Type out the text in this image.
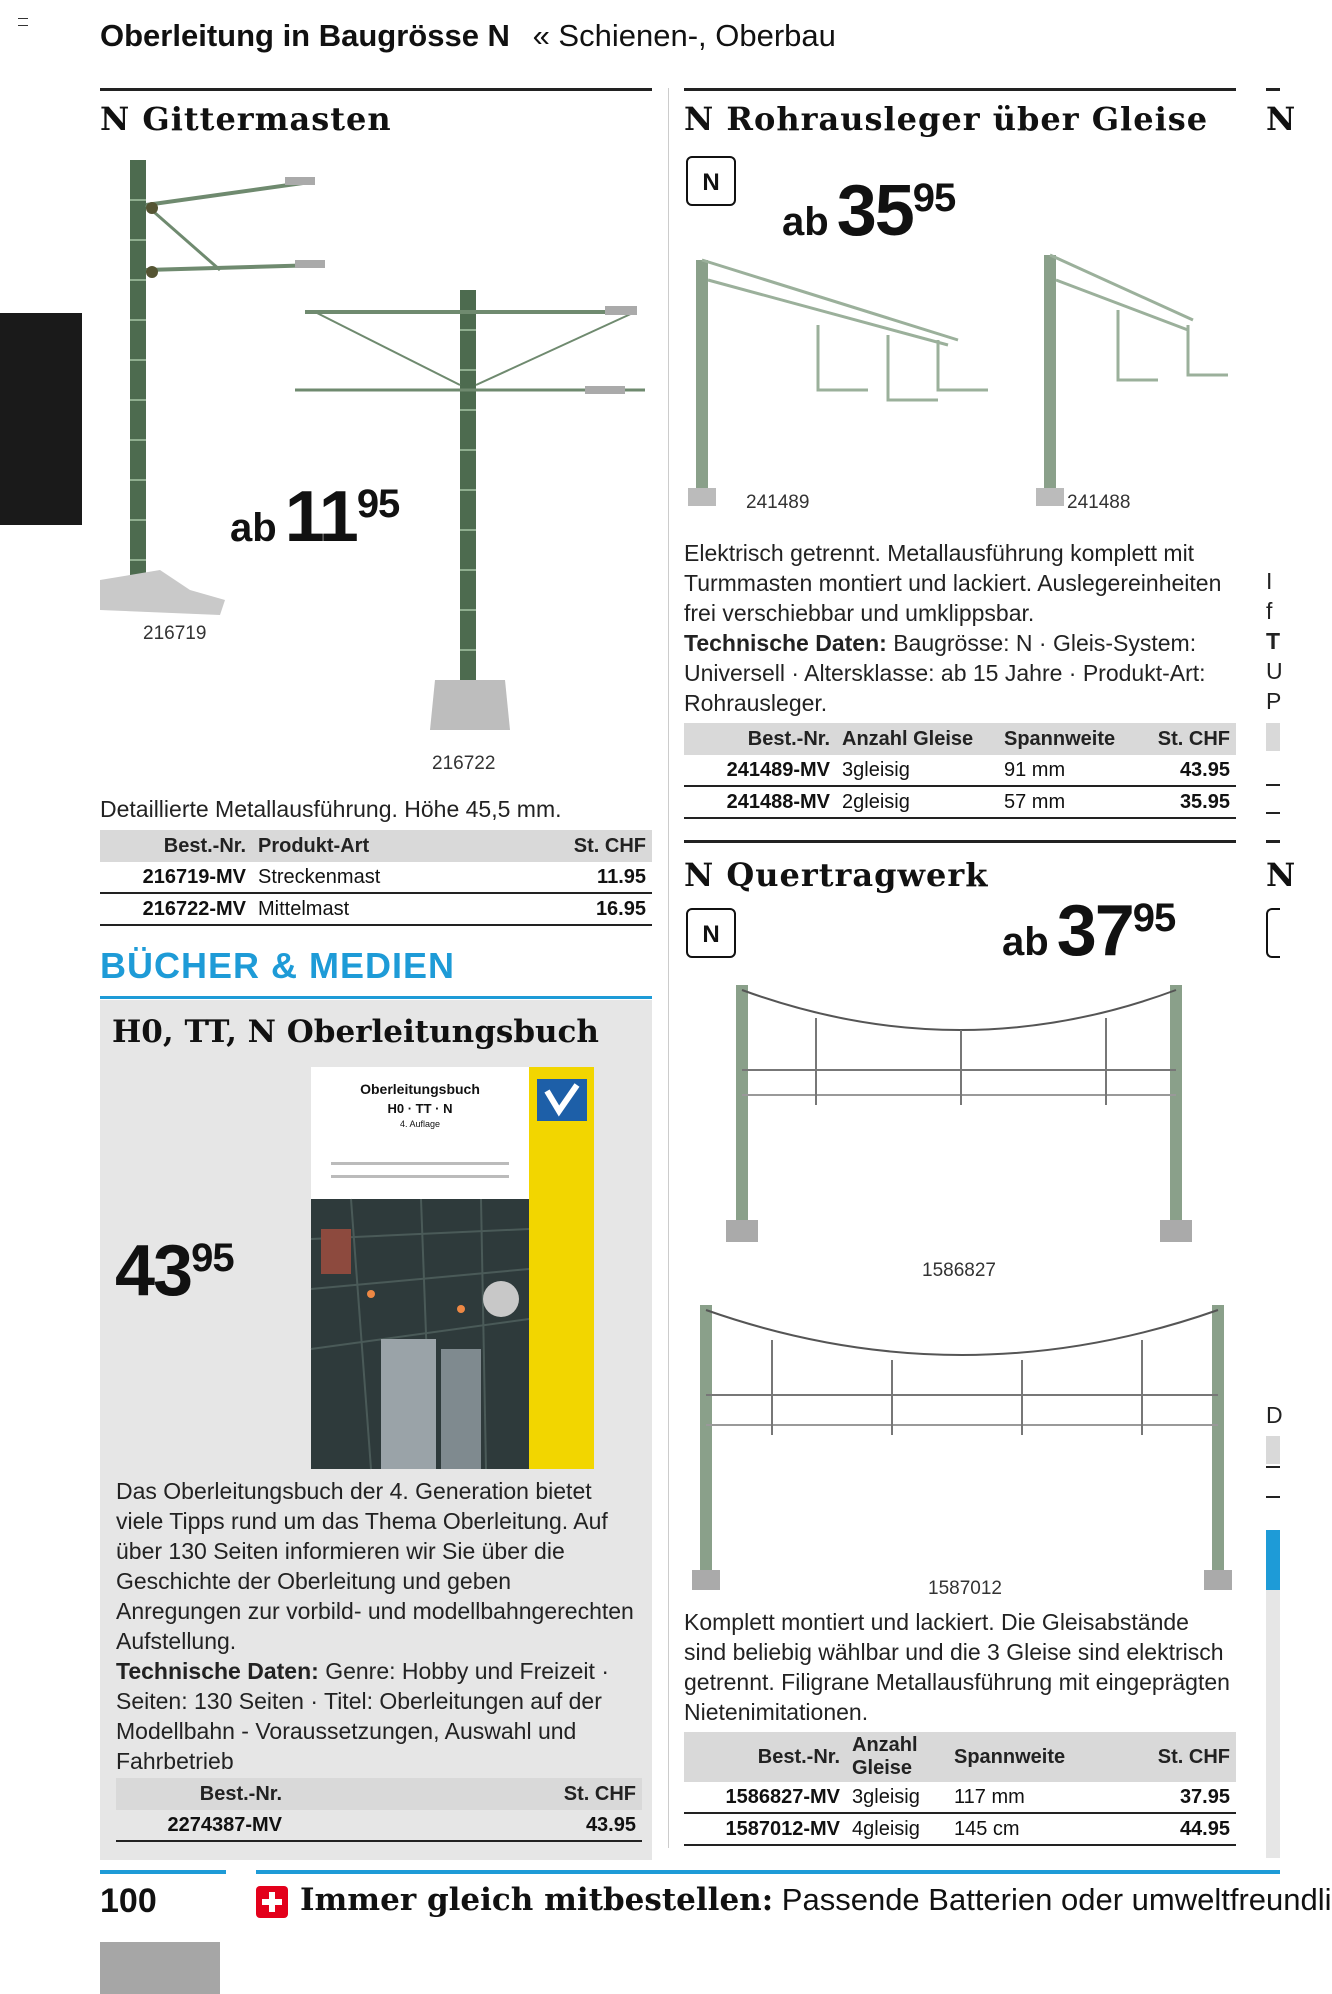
Oberleitung in Baugrösse N « Schienen-, Oberbau
N Gittermasten
216719
216722
ab $11^{95}$
Detaillierte Metallausführung. Höhe 45,5 mm.
Best.-Nr.	Produkt-Art	St. CHF
216719-MV	Streckenmast	11.95
216722-MV	Mittelmast	16.95
BÜCHER & MEDIEN
H0, TT, N Oberleitungsbuch
$43^{95}$
Oberleitungsbuch
H0 · TT · N
4. Auflage
Das Oberleitungsbuch der 4. Generation bietet viele Tipps rund um das Thema Oberleitung. Auf über 130 Seiten informieren wir Sie über die Geschichte der Oberleitung und geben Anregungen zur vorbild- und modellbahngerechten Aufstellung.
Technische Daten: Genre: Hobby und Freizeit · Seiten: 130 Seiten · Titel: Oberleitungen auf der Modellbahn - Voraussetzungen, Auswahl und Fahrbetrieb
Best.-Nr.	St. CHF
2274387-MV	43.95
N Rohrausleger über Gleise
N
ab $35^{95}$
241489	241488
Elektrisch getrennt. Metallausführung komplett mit Turmmasten montiert und lackiert. Auslegereinheiten frei verschiebbar und umklippsbar.
Technische Daten: Baugrösse: N · Gleis-System: Universell · Altersklasse: ab 15 Jahre · Produkt-Art: Rohrausleger.
Best.-Nr.	Anzahl Gleise	Spannweite	St. CHF
241489-MV	3gleisig	91 mm	43.95
241488-MV	2gleisig	57 mm	35.95
N Quertragwerk
N	ab $37^{95}$
1586827
1587012
Komplett montiert und lackiert. Die Gleisabstände sind beliebig wählbar und die 3 Gleise sind elektrisch getrennt. Filigrane Metallausführung mit eingeprägten Nietenimitationen.
Best.-Nr.	Anzahl Gleise	Spannweite	St. CHF
1586827-MV	3gleisig	117 mm	37.95
1587012-MV	4gleisig	145 cm	44.95
N
I
f
T
U
P
N
D
100	Immer gleich mitbestellen: Passende Batterien oder umweltfreundli
